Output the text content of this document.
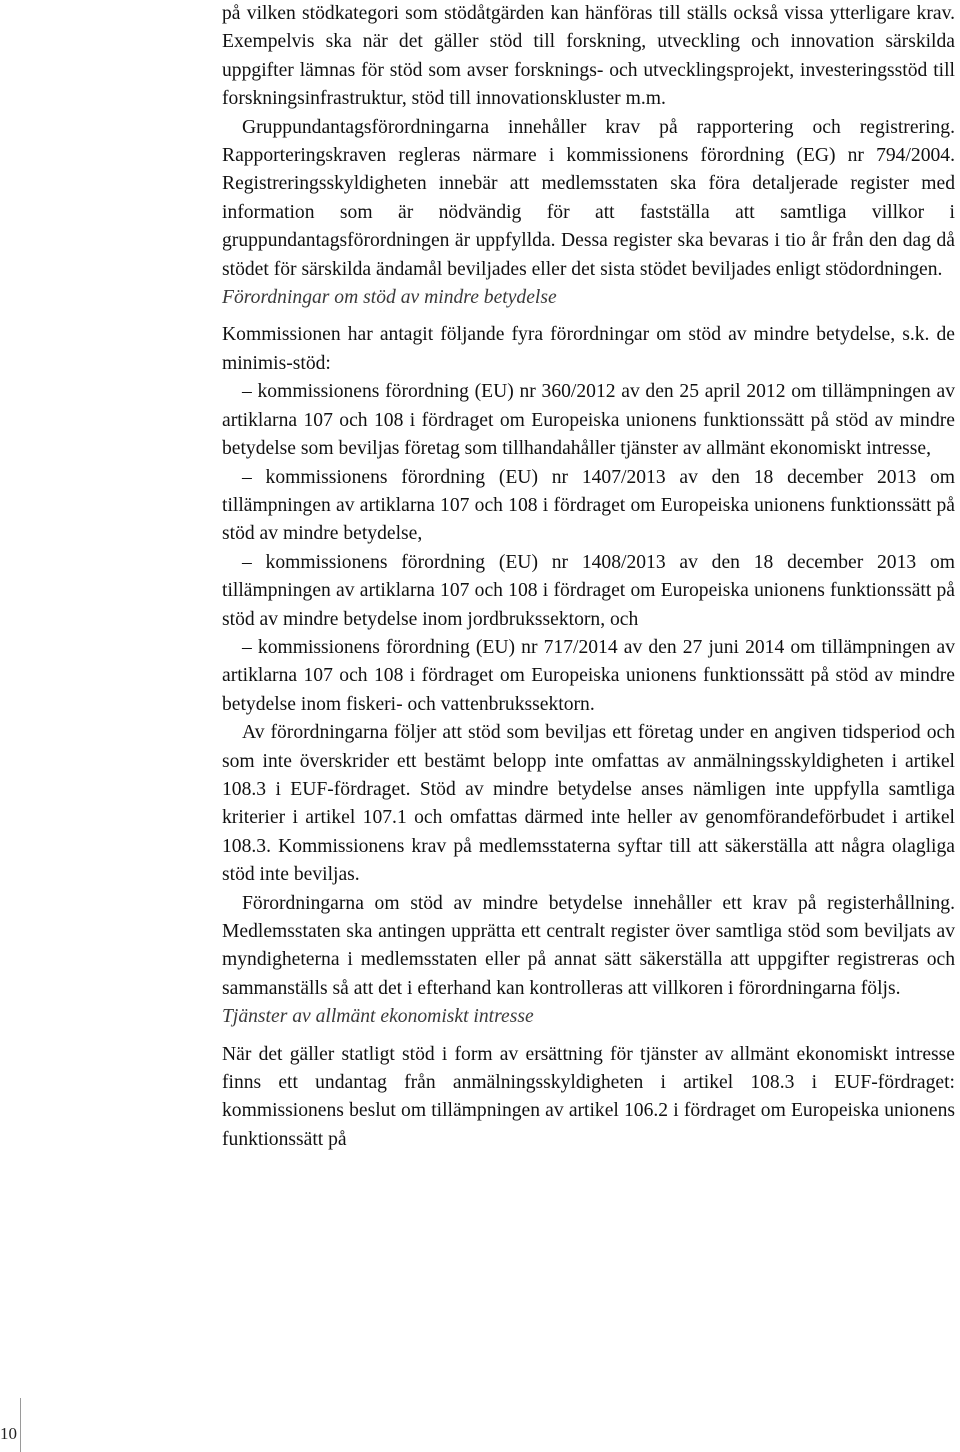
10

på vilken stödkategori som stödåtgärden kan hänföras till ställs också vissa ytterligare krav. Exempelvis ska när det gäller stöd till forskning, utveckling och innovation särskilda uppgifter lämnas för stöd som avser forsknings- och utvecklingsprojekt, investeringsstöd till forskningsinfrastruktur, stöd till innovationskluster m.m.

Gruppundantagsförordningarna innehåller krav på rapportering och registrering. Rapporteringskraven regleras närmare i kommissionens förordning (EG) nr 794/2004. Registreringsskyldigheten innebär att medlemsstaten ska föra detaljerade register med information som är nödvändig för att fastställa att samtliga villkor i gruppundantagsförordningen är uppfyllda. Dessa register ska bevaras i tio år från den dag då stödet för särskilda ändamål beviljades eller det sista stödet beviljades enligt stödordningen.

Förordningar om stöd av mindre betydelse

Kommissionen har antagit följande fyra förordningar om stöd av mindre betydelse, s.k. de minimis-stöd:

– kommissionens förordning (EU) nr 360/2012 av den 25 april 2012 om tillämpningen av artiklarna 107 och 108 i fördraget om Europeiska unionens funktionssätt på stöd av mindre betydelse som beviljas företag som tillhandahåller tjänster av allmänt ekonomiskt intresse,

– kommissionens förordning (EU) nr 1407/2013 av den 18 december 2013 om tillämpningen av artiklarna 107 och 108 i fördraget om Europeiska unionens funktionssätt på stöd av mindre betydelse,

– kommissionens förordning (EU) nr 1408/2013 av den 18 december 2013 om tillämpningen av artiklarna 107 och 108 i fördraget om Europeiska unionens funktionssätt på stöd av mindre betydelse inom jordbrukssektorn, och

– kommissionens förordning (EU) nr 717/2014 av den 27 juni 2014 om tillämpningen av artiklarna 107 och 108 i fördraget om Europeiska unionens funktionssätt på stöd av mindre betydelse inom fiskeri- och vattenbrukssektorn.

Av förordningarna följer att stöd som beviljas ett företag under en angiven tidsperiod och som inte överskrider ett bestämt belopp inte omfattas av anmälningsskyldigheten i artikel 108.3 i EUF-fördraget. Stöd av mindre betydelse anses nämligen inte uppfylla samtliga kriterier i artikel 107.1 och omfattas därmed inte heller av genomförandeförbudet i artikel 108.3. Kommissionens krav på medlemsstaterna syftar till att säkerställa att några olagliga stöd inte beviljas.

Förordningarna om stöd av mindre betydelse innehåller ett krav på registerhållning. Medlemsstaten ska antingen upprätta ett centralt register över samtliga stöd som beviljats av myndigheterna i medlemsstaten eller på annat sätt säkerställa att uppgifter registreras och sammanställs så att det i efterhand kan kontrolleras att villkoren i förordningarna följs.

Tjänster av allmänt ekonomiskt intresse

När det gäller statligt stöd i form av ersättning för tjänster av allmänt ekonomiskt intresse finns ett undantag från anmälningsskyldigheten i artikel 108.3 i EUF-fördraget: kommissionens beslut om tillämpningen av artikel 106.2 i fördraget om Europeiska unionens funktionssätt på
